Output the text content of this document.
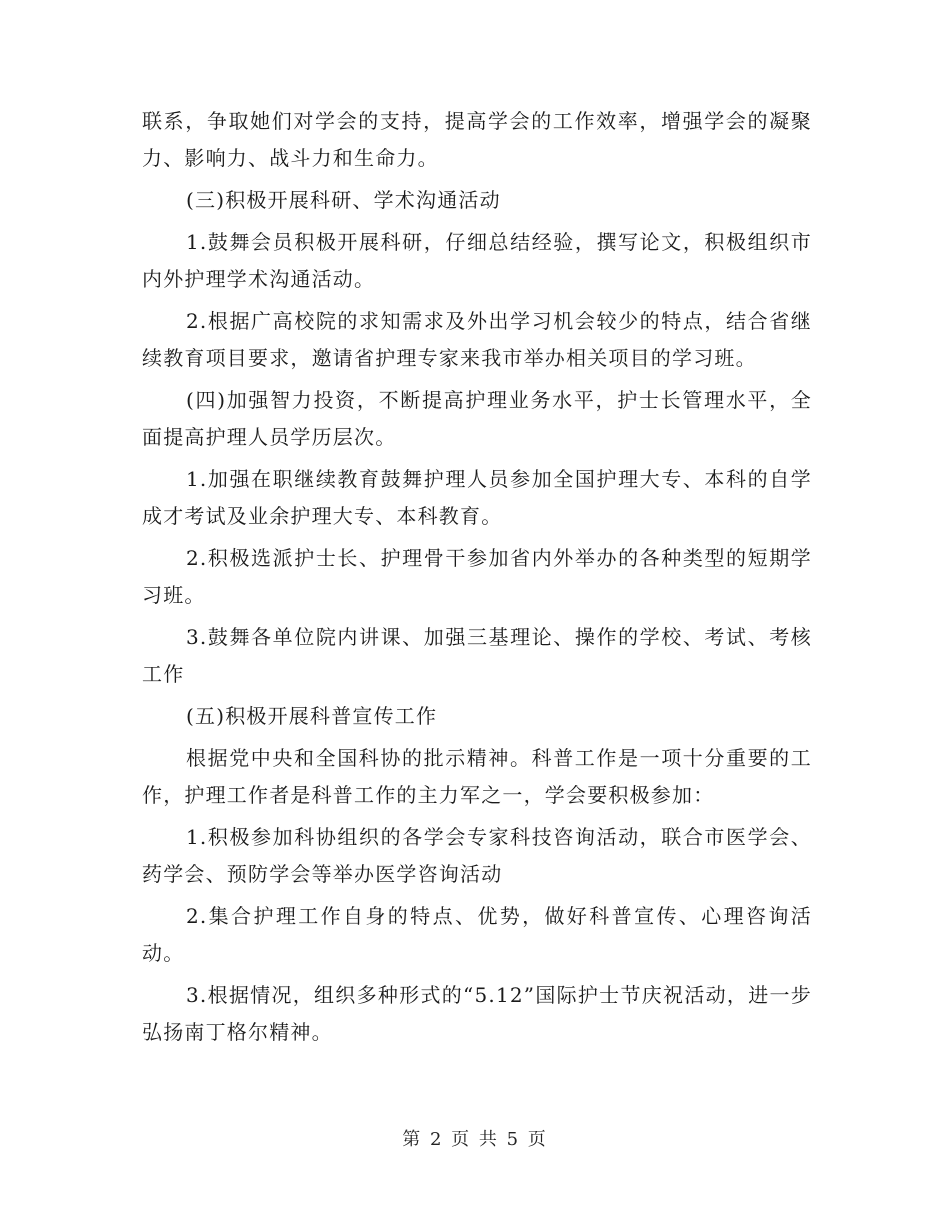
联系，争取她们对学会的支持，提高学会的工作效率，增强学会的凝聚力、影响力、战斗力和生命力。

(三)积极开展科研、学术沟通活动

1.鼓舞会员积极开展科研，仔细总结经验，撰写论文，积极组织市内外护理学术沟通活动。

2.根据广高校院的求知需求及外出学习机会较少的特点，结合省继续教育项目要求，邀请省护理专家来我市举办相关项目的学习班。

(四)加强智力投资，不断提高护理业务水平，护士长管理水平，全面提高护理人员学历层次。

1.加强在职继续教育鼓舞护理人员参加全国护理大专、本科的自学成才考试及业余护理大专、本科教育。

2.积极选派护士长、护理骨干参加省内外举办的各种类型的短期学习班。

3.鼓舞各单位院内讲课、加强三基理论、操作的学校、考试、考核工作

(五)积极开展科普宣传工作

根据党中央和全国科协的批示精神。科普工作是一项十分重要的工作，护理工作者是科普工作的主力军之一，学会要积极参加：

1.积极参加科协组织的各学会专家科技咨询活动，联合市医学会、药学会、预防学会等举办医学咨询活动

2.集合护理工作自身的特点、优势，做好科普宣传、心理咨询活动。

3.根据情况，组织多种形式的“5.12”国际护士节庆祝活动，进一步弘扬南丁格尔精神。

第 2 页 共 5 页
